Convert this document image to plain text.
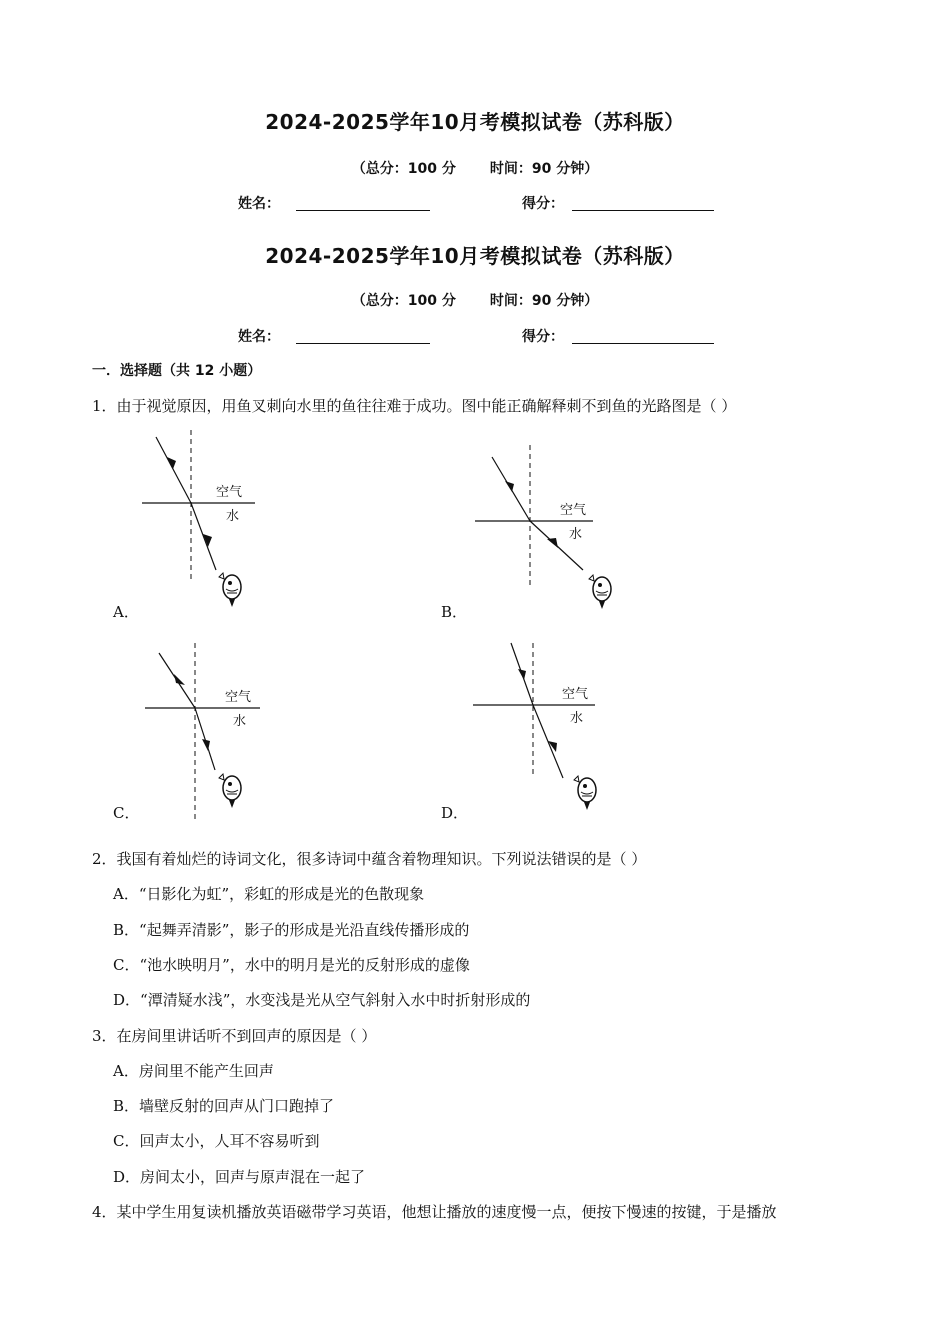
2024-2025学年10月考模拟试卷（苏科版）
（总分：100 分 时间：90 分钟）
姓名：	得分：
2024-2025学年10月考模拟试卷（苏科版）
（总分：100 分 时间：90 分钟）
姓名：	得分：
一．选择题（共 12 小题）
1．由于视觉原因，用鱼叉刺向水里的鱼往往难于成功。图中能正确解释刺不到鱼的光路图是（ ）
空气
水
A．
空气
水
B．
空气
水
C．
空气
水
D．
2．我国有着灿烂的诗词文化，很多诗词中蕴含着物理知识。下列说法错误的是（ ）
A．“日影化为虹”，彩虹的形成是光的色散现象
B．“起舞弄清影”，影子的形成是光沿直线传播形成的
C．“池水映明月”，水中的明月是光的反射形成的虚像
D．“潭清疑水浅”，水变浅是光从空气斜射入水中时折射形成的
3．在房间里讲话听不到回声的原因是（ ）
A．房间里不能产生回声
B．墙壁反射的回声从门口跑掉了
C．回声太小，人耳不容易听到
D．房间太小，回声与原声混在一起了
4．某中学生用复读机播放英语磁带学习英语，他想让播放的速度慢一点，便按下慢速的按键，于是播放
